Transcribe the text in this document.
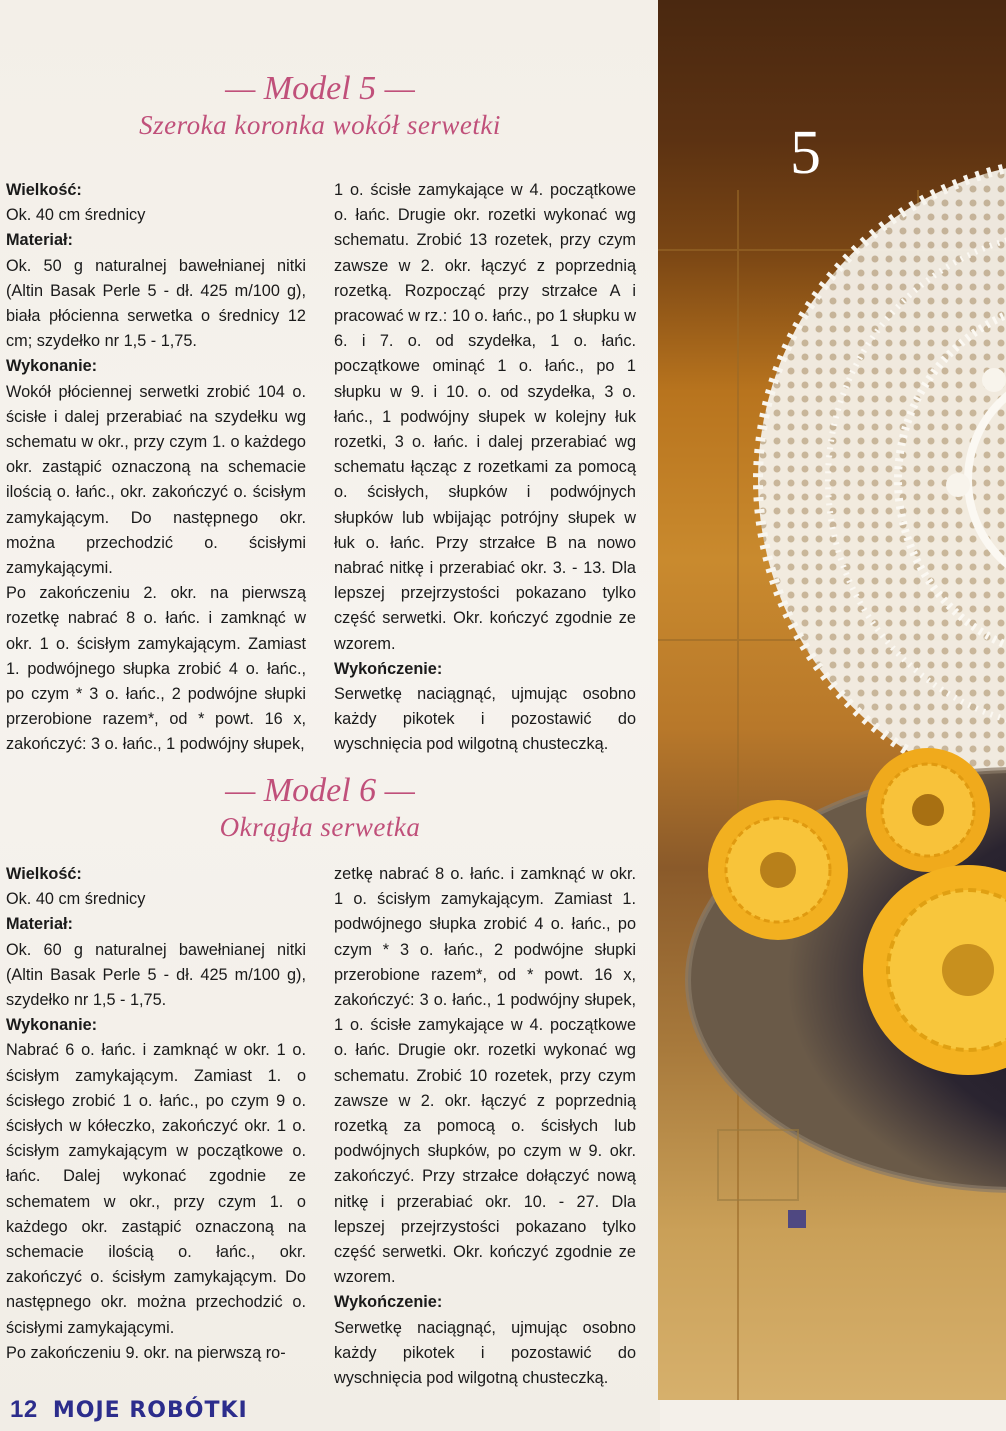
5
— Model 5 —
Szeroka koronka wokół serwetki

Wielkość:

Ok. 40 cm średnicy

Materiał:

Ok. 50 g naturalnej bawełnianej nitki (Altin Basak Perle 5 - dł. 425 m/100 g), biała płócienna serwetka o średnicy 12 cm; szydełko nr 1,5 - 1,75.

Wykonanie:

Wokół płóciennej serwetki zrobić 104 o. ścisłe i dalej przerabiać na szydełku wg schematu w okr., przy czym 1. o każdego okr. zastąpić oznaczoną na schemacie ilością o. łańc., okr. zakończyć o. ścisłym zamykającym. Do następnego okr. można przechodzić o. ścisłymi zamykającymi.

Po zakończeniu 2. okr. na pierwszą rozetkę nabrać 8 o. łańc. i zamknąć w okr. 1 o. ścisłym zamykającym. Zamiast 1. podwójnego słupka zrobić 4 o. łańc., po czym * 3 o. łańc., 2 podwójne słupki przerobione razem*, od * powt. 16 x, zakończyć: 3 o. łańc., 1 podwójny słupek,

1 o. ścisłe zamykające w 4. początkowe o. łańc. Drugie okr. rozetki wykonać wg schematu. Zrobić 13 rozetek, przy czym zawsze w 2. okr. łączyć z poprzednią rozetką. Rozpocząć przy strzałce A i pracować w rz.: 10 o. łańc., po 1 słupku w 6. i 7. o. od szydełka, 1 o. łańc. początkowe ominąć 1 o. łańc., po 1 słupku w 9. i 10. o. od szydełka, 3 o. łańc., 1 podwójny słupek w kolejny łuk rozetki, 3 o. łańc. i dalej przerabiać wg schematu łącząc z rozetkami za pomocą o. ścisłych, słupków i podwójnych słupków lub wbijając potrójny słupek w łuk o. łańc. Przy strzałce B na nowo nabrać nitkę i przerabiać okr. 3. - 13. Dla lepszej przejrzystości pokazano tylko część serwetki. Okr. kończyć zgodnie ze wzorem.

Wykończenie:

Serwetkę naciągnąć, ujmując osobno każdy pikotek i pozostawić do wyschnięcia pod wilgotną chusteczką.

— Model 6 —
Okrągła serwetka

Wielkość:

Ok. 40 cm średnicy

Materiał:

Ok. 60 g naturalnej bawełnianej nitki (Altin Basak Perle 5 - dł. 425 m/100 g), szydełko nr 1,5 - 1,75.

Wykonanie:

Nabrać 6 o. łańc. i zamknąć w okr. 1 o. ścisłym zamykającym. Zamiast 1. o ścisłego zrobić 1 o. łańc., po czym 9 o. ścisłych w kółeczko, zakończyć okr. 1 o. ścisłym zamykającym w początkowe o. łańc. Dalej wykonać zgodnie ze schematem w okr., przy czym 1. o każdego okr. zastąpić oznaczoną na schemacie ilością o. łańc., okr. zakończyć o. ścisłym zamykającym. Do następnego okr. można przechodzić o. ścisłymi zamykającymi.

Po zakończeniu 9. okr. na pierwszą ro-

zetkę nabrać 8 o. łańc. i zamknąć w okr. 1 o. ścisłym zamykającym. Zamiast 1. podwójnego słupka zrobić 4 o. łańc., po czym * 3 o. łańc., 2 podwójne słupki przerobione razem*, od * powt. 16 x, zakończyć: 3 o. łańc., 1 podwójny słupek, 1 o. ścisłe zamykające w 4. początkowe o. łańc. Drugie okr. rozetki wykonać wg schematu. Zrobić 10 rozetek, przy czym zawsze w 2. okr. łączyć z poprzednią rozetką za pomocą o. ścisłych lub podwójnych słupków, po czym w 9. okr. zakończyć. Przy strzałce dołączyć nową nitkę i przerabiać okr. 10. - 27. Dla lepszej przejrzystości pokazano tylko część serwetki. Okr. kończyć zgodnie ze wzorem.

Wykończenie:

Serwetkę naciągnąć, ujmując osobno każdy pikotek i pozostawić do wyschnięcia pod wilgotną chusteczką.

12 MOJE ROBÓTKI
